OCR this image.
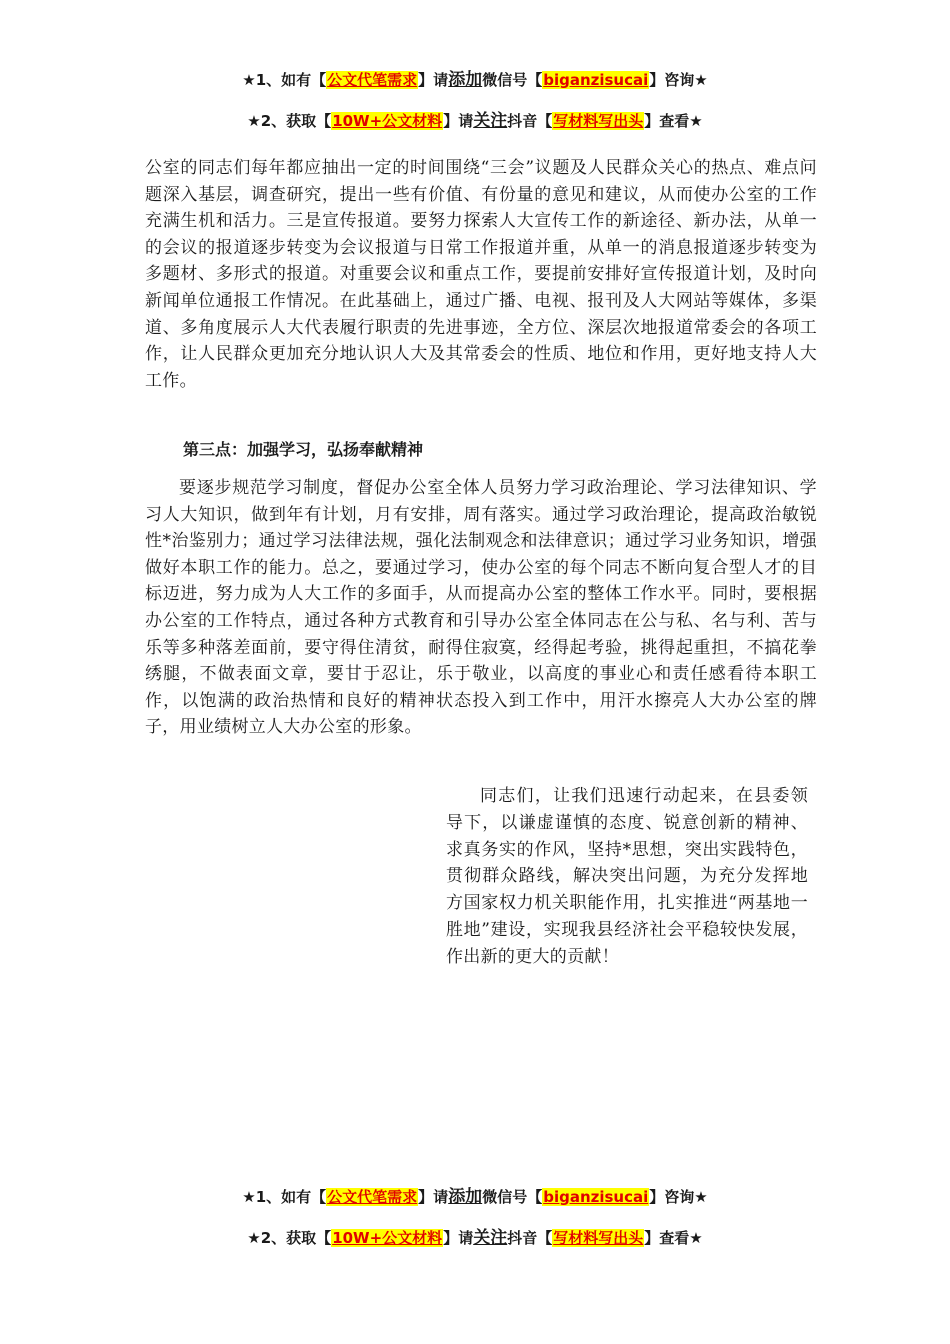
★1、如有【公文代笔需求】请添加微信号【biganzisucai】咨询★
★2、获取【10W+公文材料】请关注抖音【写材料写出头】查看★

公室的同志们每年都应抽出一定的时间围绕“三会”议题及人民群众关心的热点、难点问题深入基层，调查研究，提出一些有价值、有份量的意见和建议，从而使办公室的工作充满生机和活力。三是宣传报道。要努力探索人大宣传工作的新途径、新办法，从单一的会议的报道逐步转变为会议报道与日常工作报道并重，从单一的消息报道逐步转变为多题材、多形式的报道。对重要会议和重点工作，要提前安排好宣传报道计划，及时向新闻单位通报工作情况。在此基础上，通过广播、电视、报刊及人大网站等媒体，多渠道、多角度展示人大代表履行职责的先进事迹，全方位、深层次地报道常委会的各项工作，让人民群众更加充分地认识人大及其常委会的性质、地位和作用，更好地支持人大工作。

第三点：加强学习，弘扬奉献精神

要逐步规范学习制度，督促办公室全体人员努力学习政治理论、学习法律知识、学习人大知识，做到年有计划，月有安排，周有落实。通过学习政治理论，提高政治敏锐性*治鉴别力；通过学习法律法规，强化法制观念和法律意识；通过学习业务知识，增强做好本职工作的能力。总之，要通过学习，使办公室的每个同志不断向复合型人才的目标迈进，努力成为人大工作的多面手，从而提高办公室的整体工作水平。同时，要根据办公室的工作特点，通过各种方式教育和引导办公室全体同志在公与私、名与利、苦与乐等多种落差面前，要守得住清贫，耐得住寂寞，经得起考验，挑得起重担，不搞花拳绣腿，不做表面文章，要甘于忍让，乐于敬业，以高度的事业心和责任感看待本职工作，以饱满的政治热情和良好的精神状态投入到工作中，用汗水擦亮人大办公室的牌子，用业绩树立人大办公室的形象。

同志们，让我们迅速行动起来，在县委领导下，以谦虚谨慎的态度、锐意创新的精神、求真务实的作风，坚持*思想，突出实践特色，贯彻群众路线，解决突出问题，为充分发挥地方国家权力机关职能作用，扎实推进“两基地一胜地”建设，实现我县经济社会平稳较快发展，作出新的更大的贡献！

★1、如有【公文代笔需求】请添加微信号【biganzisucai】咨询★
★2、获取【10W+公文材料】请关注抖音【写材料写出头】查看★
